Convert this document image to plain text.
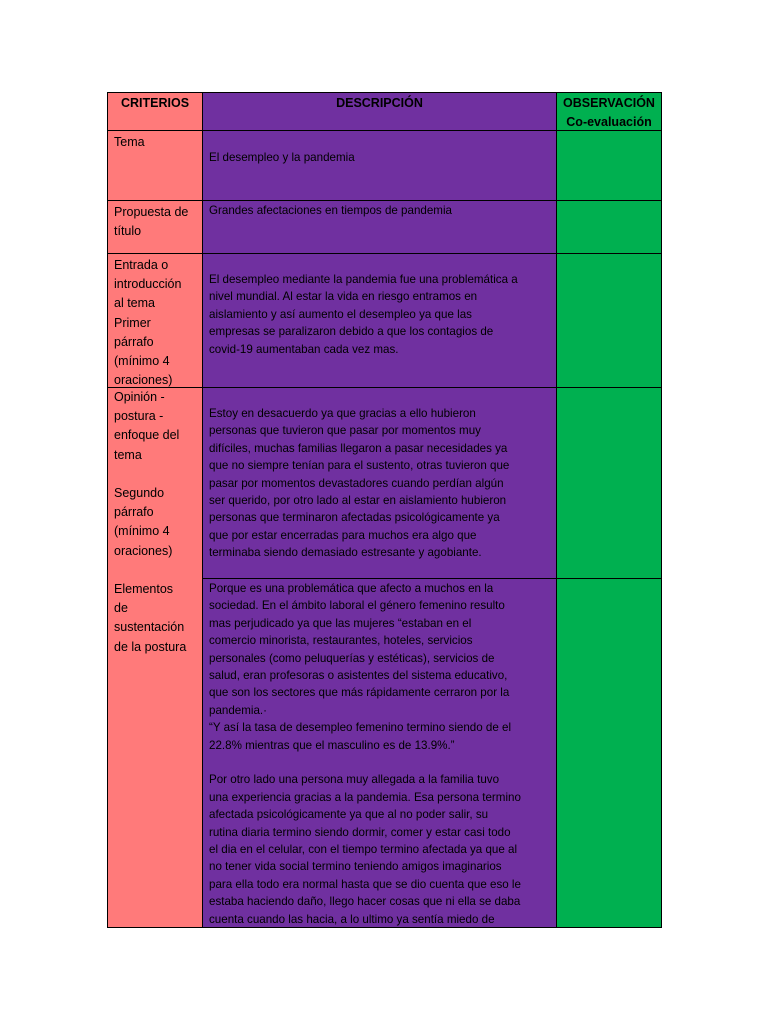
CRITERIOS	DESCRIPCIÓN	OBSERVACIÓN
Co-evaluación
Tema
El desempleo y la pandemia
Propuesta de
título
Grandes afectaciones en tiempos de pandemia
Entrada o
introducción
al tema
Primer
párrafo
(mínimo 4
oraciones)
El desempleo mediante la pandemia fue una problemática a
nivel mundial. Al estar la vida en riesgo entramos en
aislamiento y así aumento el desempleo ya que las
empresas se paralizaron debido a que los contagios de
covid-19 aumentaban cada vez mas.
Opinión -
postura -
enfoque del
tema
Segundo
párrafo
(mínimo 4
oraciones)
Elementos
de
sustentación
de la postura
Estoy en desacuerdo ya que gracias a ello hubieron
personas que tuvieron que pasar por momentos muy
difíciles, muchas familias llegaron a pasar necesidades ya
que no siempre tenían para el sustento, otras tuvieron que
pasar por momentos devastadores cuando perdían algún
ser querido, por otro lado al estar en aislamiento hubieron
personas que terminaron afectadas psicológicamente ya
que por estar encerradas para muchos era algo que
terminaba siendo demasiado estresante y agobiante.
Porque es una problemática que afecto a muchos en la
sociedad. En el ámbito laboral el género femenino resulto
mas perjudicado ya que las mujeres “estaban en el
comercio minorista, restaurantes, hoteles, servicios
personales (como peluquerías y estéticas), servicios de
salud, eran profesoras o asistentes del sistema educativo,
que son los sectores que más rápidamente cerraron por la
pandemia.·
“Y así la tasa de desempleo femenino termino siendo de el
22.8% mientras que el masculino es de 13.9%.”
Por otro lado una persona muy allegada a la familia tuvo
una experiencia gracias a la pandemia. Esa persona termino
afectada psicológicamente ya que al no poder salir, su
rutina diaria termino siendo dormir, comer y estar casi todo
el dia en el celular, con el tiempo termino afectada ya que al
no tener vida social termino teniendo amigos imaginarios
para ella todo era normal hasta que se dio cuenta que eso le
estaba haciendo daño, llego hacer cosas que ni ella se daba
cuenta cuando las hacia, a lo ultimo ya sentía miedo de
